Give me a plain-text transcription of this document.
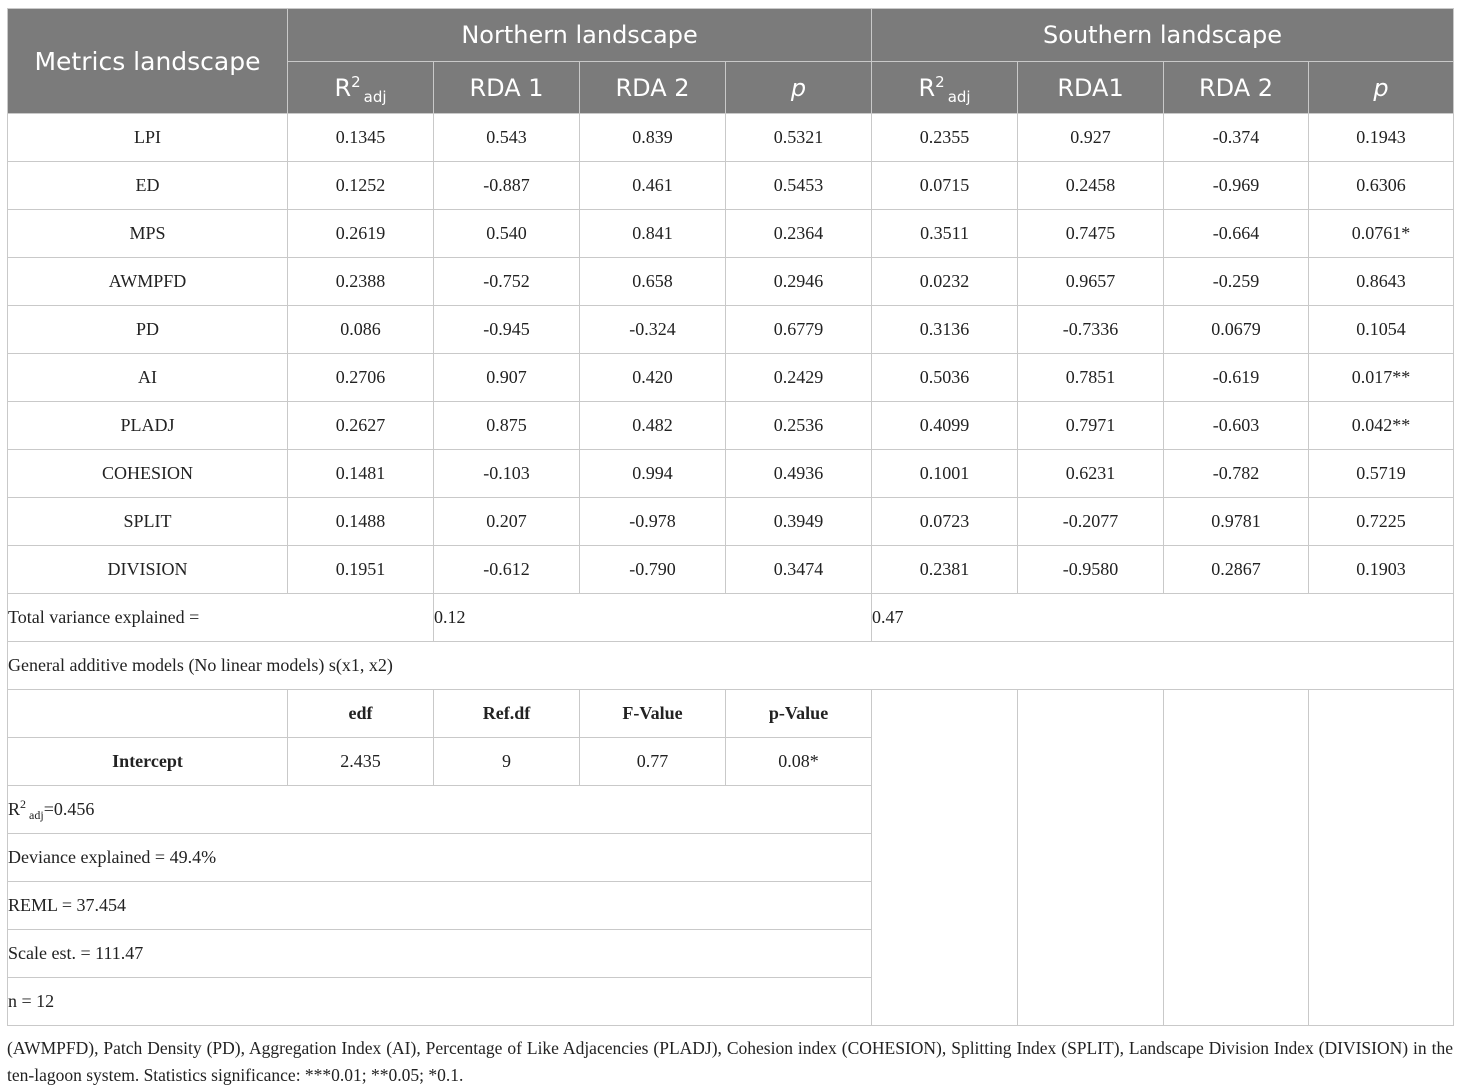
Metrics landscape	Northern landscape				Southern landscape			
	$R^2_{adj}$	RDA 1	RDA 2	p	$R^2_{adj}$	RDA1	RDA 2	p
LPI	0.1345	0.543	0.839	0.5321	0.2355	0.927	-0.374	0.1943
ED	0.1252	-0.887	0.461	0.5453	0.0715	0.2458	-0.969	0.6306
MPS	0.2619	0.540	0.841	0.2364	0.3511	0.7475	-0.664	0.0761*
AWMPFD	0.2388	-0.752	0.658	0.2946	0.0232	0.9657	-0.259	0.8643
PD	0.086	-0.945	-0.324	0.6779	0.3136	-0.7336	0.0679	0.1054
AI	0.2706	0.907	0.420	0.2429	0.5036	0.7851	-0.619	0.017**
PLADJ	0.2627	0.875	0.482	0.2536	0.4099	0.7971	-0.603	0.042**
COHESION	0.1481	-0.103	0.994	0.4936	0.1001	0.6231	-0.782	0.5719
SPLIT	0.1488	0.207	-0.978	0.3949	0.0723	-0.2077	0.9781	0.7225
DIVISION	0.1951	-0.612	-0.790	0.3474	0.2381	-0.9580	0.2867	0.1903
Total variance explained =		0.12			0.47			
General additive models (No linear models) s(x1, x2)								
	edf	Ref.df	F-Value	p-Value				
Intercept	2.435	9	0.77	0.08*				
$R^2_{adj}=0.456$								
Deviance explained = 49.4%								
REML = 37.454								
Scale est. = 111.47								
n = 12								

(AWMPFD), Patch Density (PD), Aggregation Index (AI), Percentage of Like Adjacencies (PLADJ), Cohesion index (COHESION), Splitting Index (SPLIT), Landscape Division Index (DIVISION) in the ten-lagoon system. Statistics significance: ***0.01; **0.05; *0.1.
